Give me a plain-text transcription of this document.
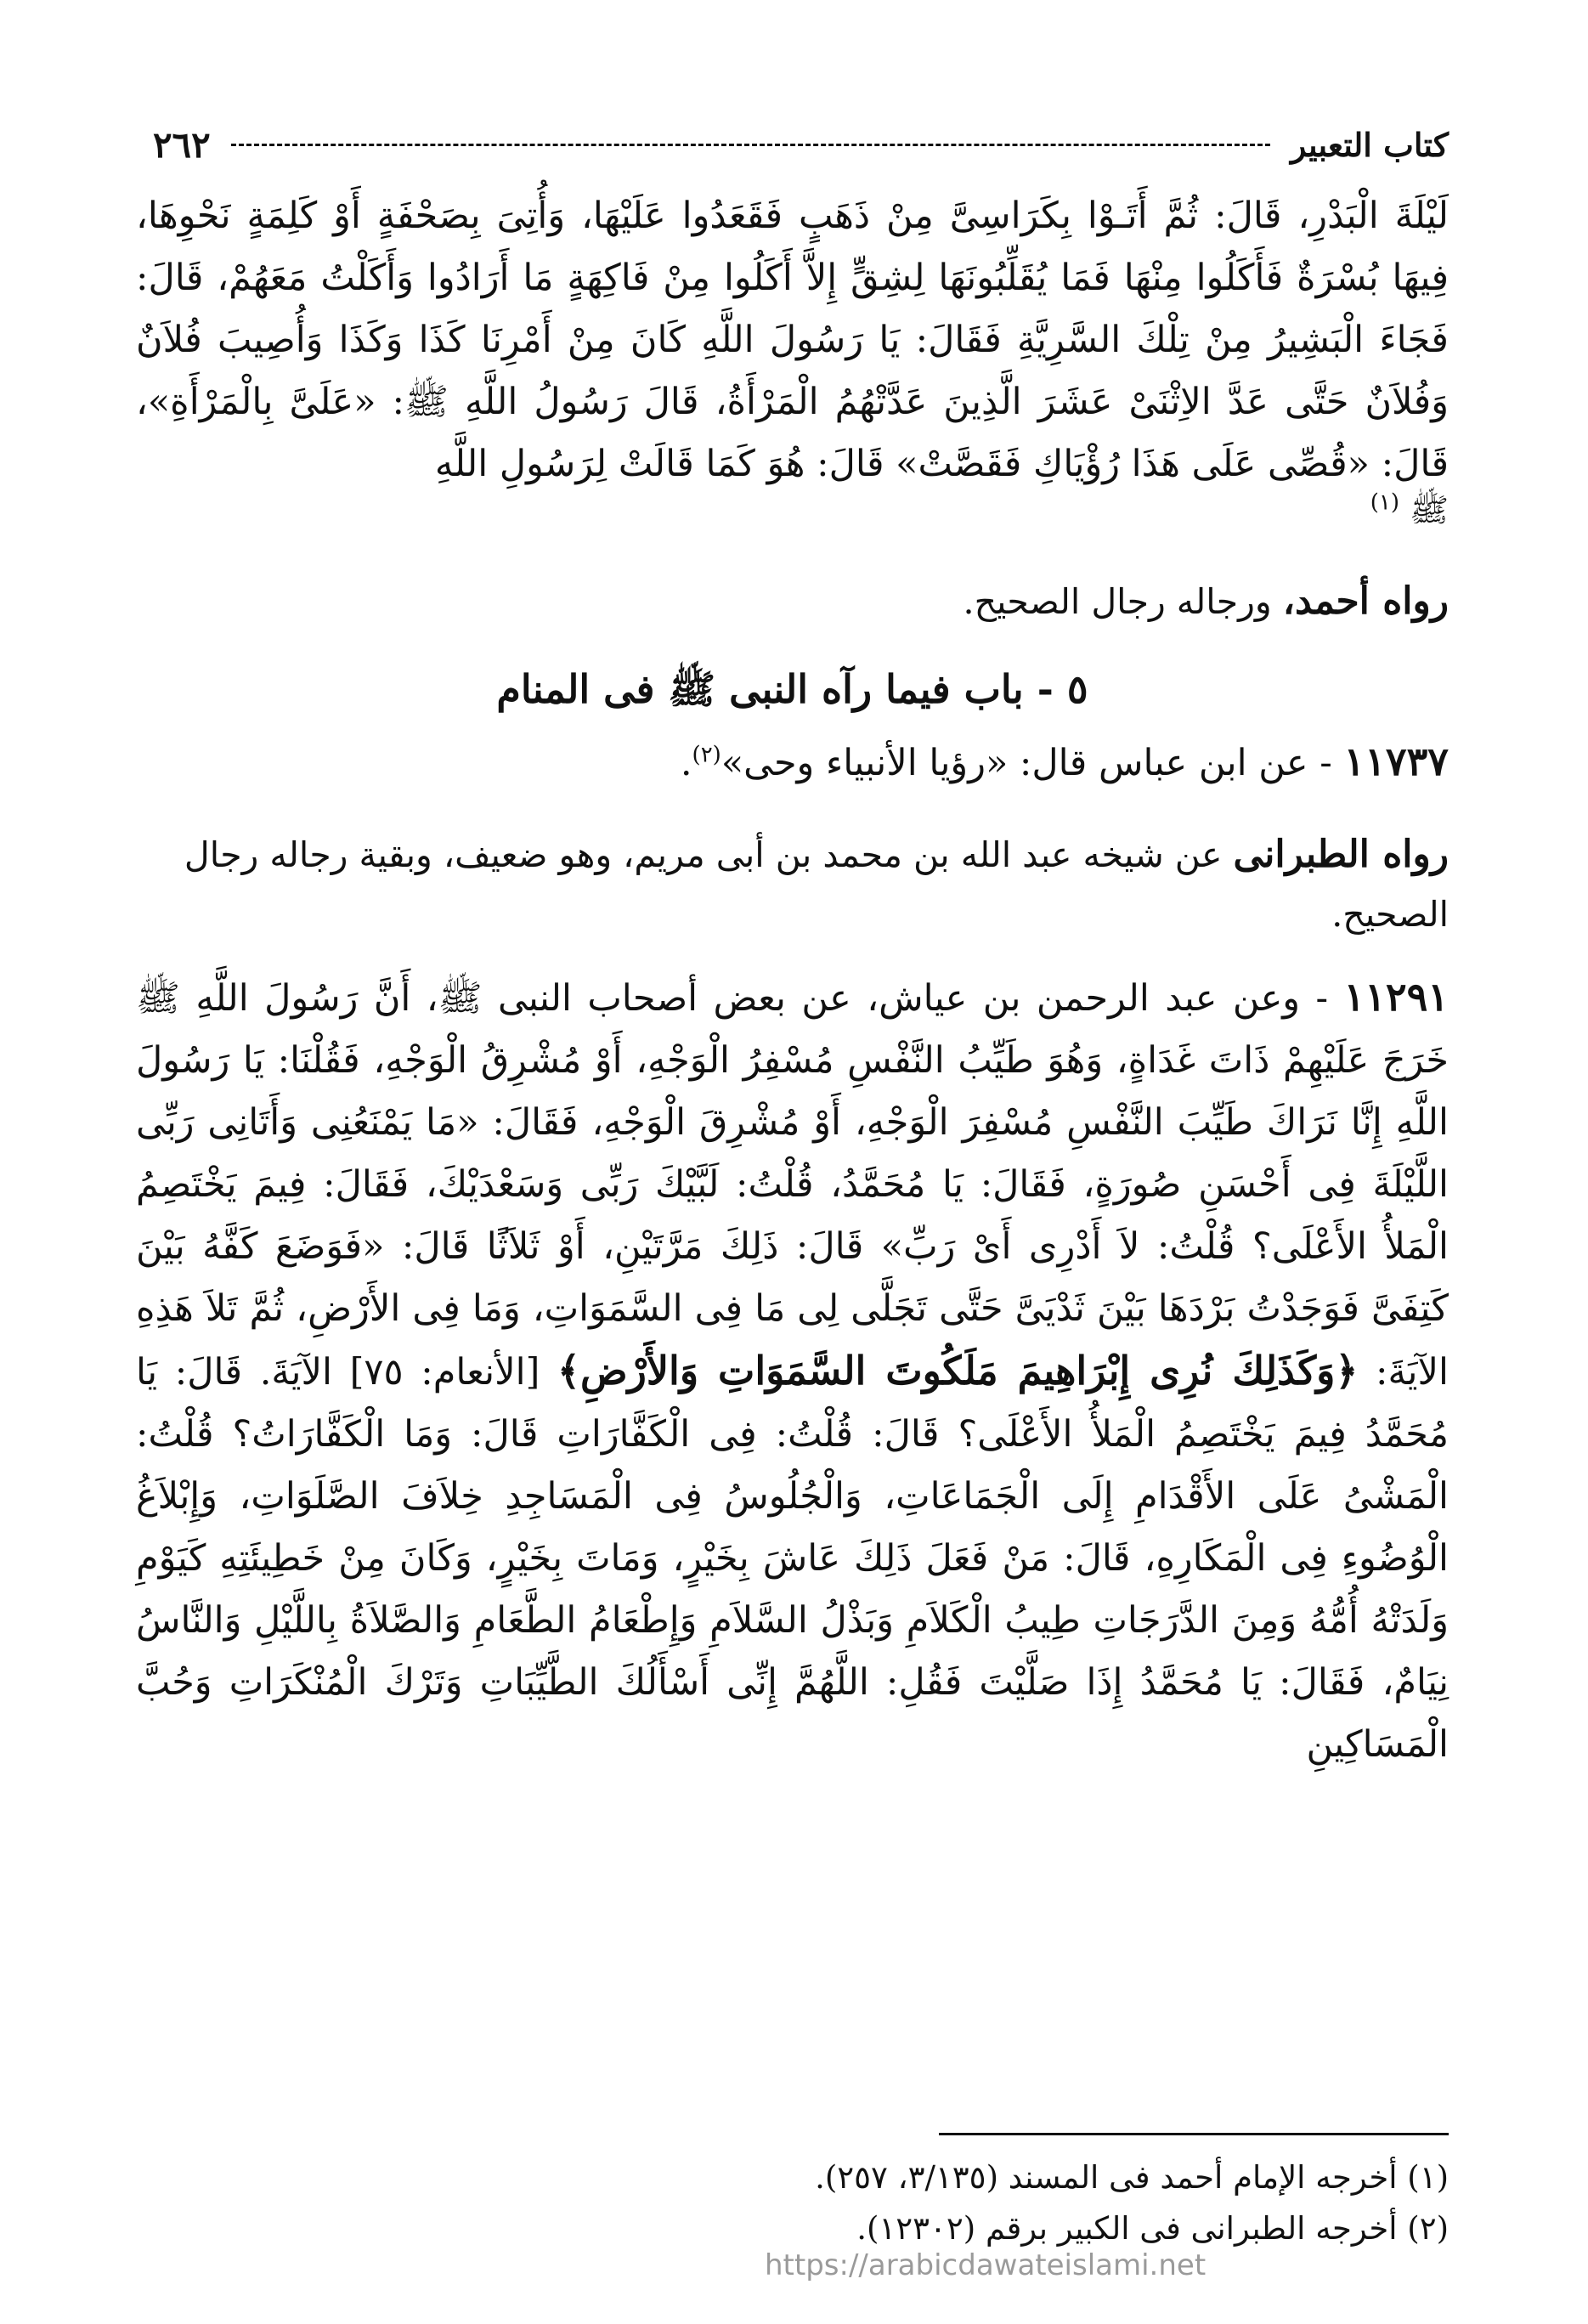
كتاب التعبير
٢٦٢

لَيْلَةَ الْبَدْرِ، قَالَ: ثُمَّ أَتَـوْا بِكَرَاسِىَّ مِنْ ذَهَبٍ فَقَعَدُوا عَلَيْهَا، وَأُتِىَ بِصَحْفَةٍ أَوْ كَلِمَةٍ نَحْوِهَا، فِيهَا بُسْرَةٌ فَأَكَلُوا مِنْهَا فَمَا يُقَلِّبُونَهَا لِشِقٍّ إِلاَّ أَكَلُوا مِنْ فَاكِهَةٍ مَا أَرَادُوا وَأَكَلْتُ مَعَهُمْ، قَالَ: فَجَاءَ الْبَشِيرُ مِنْ تِلْكَ السَّرِيَّةِ فَقَالَ: يَا رَسُولَ اللَّهِ كَانَ مِنْ أَمْرِنَا كَذَا وَكَذَا وَأُصِيبَ فُلاَنٌ وَفُلاَنٌ حَتَّى عَدَّ الاِثْنَىْ عَشَرَ الَّذِينَ عَدَّتْهُمُ الْمَرْأَةُ، قَالَ رَسُولُ اللَّهِ ﷺ: «عَلَىَّ بِالْمَرْأَةِ»، قَالَ: «قُصِّى عَلَى هَذَا رُؤْيَاكِ فَقَصَّتْ» قَالَ: هُوَ كَمَا قَالَتْ لِرَسُولِ اللَّهِ

ﷺ $^{(١)}$

رواه أحمد، ورجاله رجال الصحيح.

٥ - باب فيما رآه النبى ﷺ فى المنام

١١٧٣٧ - عن ابن عباس قال: «رؤيا الأنبياء وحى»$^{(٢)}$.

رواه الطبرانى عن شيخه عبد الله بن محمد بن أبى مريم، وهو ضعيف، وبقية رجاله رجال الصحيح.

١١٢٩١ - وعن عبد الرحمن بن عياش، عن بعض أصحاب النبى ﷺ، أَنَّ رَسُولَ اللَّهِ ﷺ خَرَجَ عَلَيْهِمْ ذَاتَ غَدَاةٍ، وَهُوَ طَيِّبُ النَّفْسِ مُسْفِرُ الْوَجْهِ، أَوْ مُشْرِقُ الْوَجْهِ، فَقُلْنَا: يَا رَسُولَ اللَّهِ إِنَّا نَرَاكَ طَيِّبَ النَّفْسِ مُسْفِرَ الْوَجْهِ، أَوْ مُشْرِقَ الْوَجْهِ، فَقَالَ: «مَا يَمْنَعُنِى وَأَتَانِى رَبِّى اللَّيْلَةَ فِى أَحْسَنِ صُورَةٍ، فَقَالَ: يَا مُحَمَّدُ، قُلْتُ: لَبَّيْكَ رَبِّى وَسَعْدَيْكَ، فَقَالَ: فِيمَ يَخْتَصِمُ الْمَلأُ الأَعْلَى؟ قُلْتُ: لاَ أَدْرِى أَىْ رَبِّ» قَالَ: ذَلِكَ مَرَّتَيْنِ، أَوْ ثَلاَثًا قَالَ: «فَوَضَعَ كَفَّهُ بَيْنَ كَتِفَىَّ فَوَجَدْتُ بَرْدَهَا بَيْنَ ثَدْيَىَّ حَتَّى تَجَلَّى لِى مَا فِى السَّمَوَاتِ، وَمَا فِى الأَرْضِ، ثُمَّ تَلاَ هَذِهِ الآيَةَ: ﴿وَكَذَلِكَ نُرِى إِبْرَاهِيمَ مَلَكُوتَ السَّمَوَاتِ وَالأَرْضِ﴾ [الأنعام: ٧٥] الآيَةَ. قَالَ: يَا مُحَمَّدُ فِيمَ يَخْتَصِمُ الْمَلأُ الأَعْلَى؟ قَالَ: قُلْتُ: فِى الْكَفَّارَاتِ قَالَ: وَمَا الْكَفَّارَاتُ؟ قُلْتُ: الْمَشْىُ عَلَى الأَقْدَامِ إِلَى الْجَمَاعَاتِ، وَالْجُلُوسُ فِى الْمَسَاجِدِ خِلاَفَ الصَّلَوَاتِ، وَإِبْلاَغُ الْوُضُوءِ فِى الْمَكَارِهِ، قَالَ: مَنْ فَعَلَ ذَلِكَ عَاشَ بِخَيْرٍ، وَمَاتَ بِخَيْرٍ، وَكَانَ مِنْ خَطِيئَتِهِ كَيَوْمِ وَلَدَتْهُ أُمُّهُ وَمِنَ الدَّرَجَاتِ طِيبُ الْكَلاَمِ وَبَذْلُ السَّلاَمِ وَإِطْعَامُ الطَّعَامِ وَالصَّلاَةُ بِاللَّيْلِ وَالنَّاسُ نِيَامٌ، فَقَالَ: يَا مُحَمَّدُ إِذَا صَلَّيْتَ فَقُلِ: اللَّهُمَّ إِنِّى أَسْأَلُكَ الطَّيِّبَاتِ وَتَرْكَ الْمُنْكَرَاتِ وَحُبَّ الْمَسَاكِينِ

(١) أخرجه الإمام أحمد فى المسند (٣/١٣٥، ٢٥٧).

(٢) أخرجه الطبرانى فى الكبير برقم (١٢٣٠٢).

https://arabicdawateislami.net
